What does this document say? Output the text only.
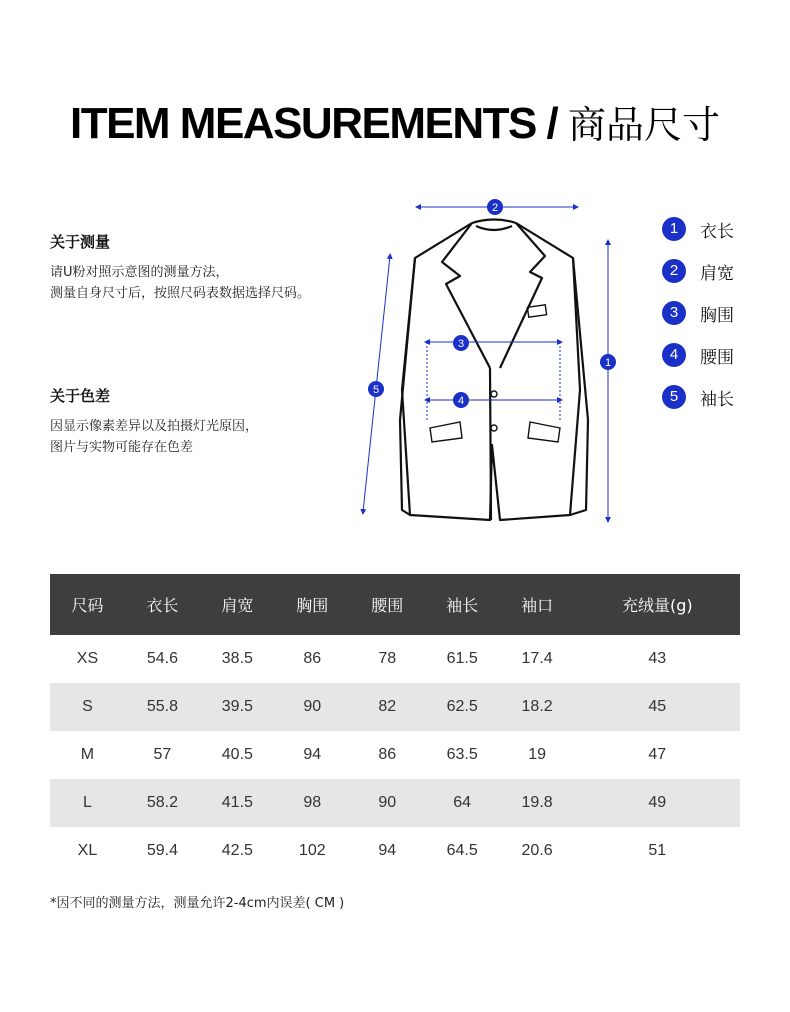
ITEM MEASUREMENTS / 商品尺寸
关于测量
请U粉对照示意图的测量方法，
测量自身尺寸后，按照尺码表数据选择尺码。
关于色差
因显示像素差异以及拍摄灯光原因，
图片与实物可能存在色差
2
1
3
4
5
1	衣长
2	肩宽
3	胸围
4	腰围
5	袖长
尺码	衣长	肩宽	胸围	腰围	袖长	袖口	充绒量(g)
XS	54.6	38.5	86	78	61.5	17.4	43
S	55.8	39.5	90	82	62.5	18.2	45
M	57	40.5	94	86	63.5	19	47
L	58.2	41.5	98	90	64	19.8	49
XL	59.4	42.5	102	94	64.5	20.6	51
*因不同的测量方法，测量允许2-4cm内误差( CM )
